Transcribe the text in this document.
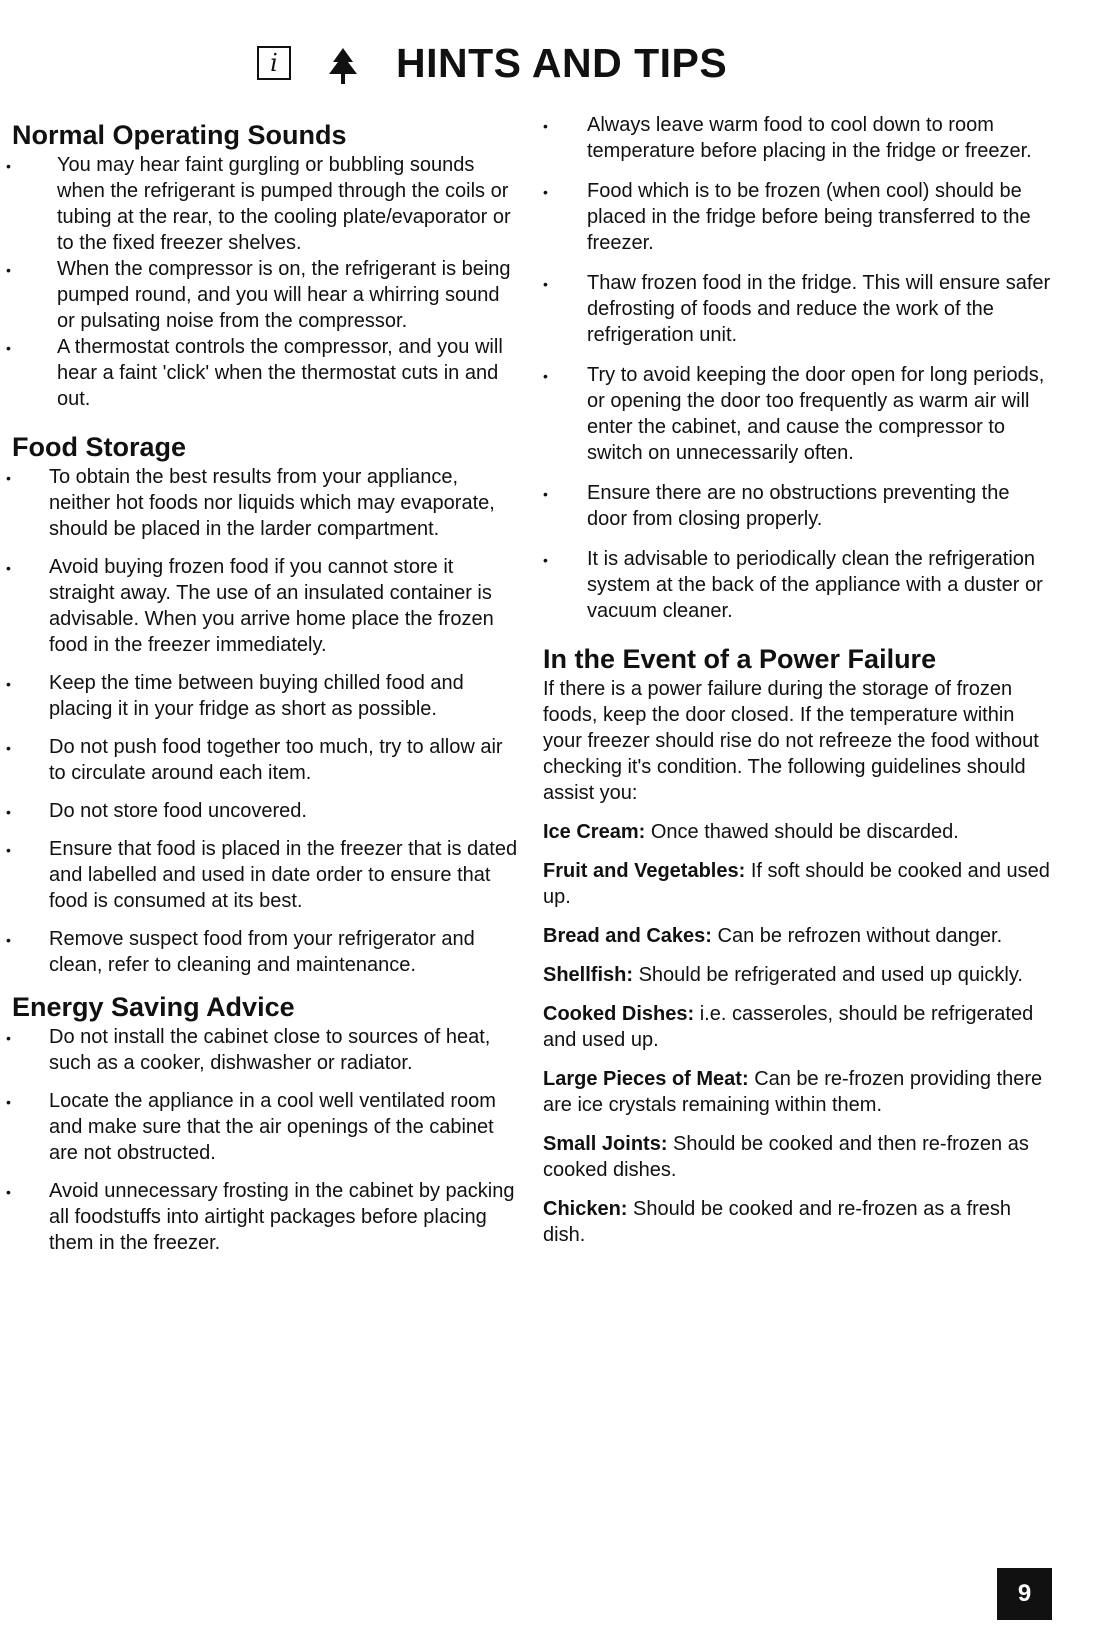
i	HINTS AND TIPS
Normal Operating Sounds
• You may hear faint gurgling or bubbling sounds when the refrigerant is pumped through the coils or tubing at the rear, to the cooling plate/evaporator or to the fixed freezer shelves.
• When the compressor is on, the refrigerant is being pumped round, and you will hear a whirring sound or pulsating noise from the compressor.
• A thermostat controls the compressor, and you will hear a faint 'click' when the thermostat cuts in and out.
Food Storage
• To obtain the best results from your appliance, neither hot foods nor liquids which may evaporate, should be placed in the larder compartment.
• Avoid buying frozen food if you cannot store it straight away. The use of an insulated container is advisable. When you arrive home place the frozen food in the freezer immediately.
• Keep the time between buying chilled food and placing it in your fridge as short as possible.
• Do not push food together too much, try to allow air to circulate around each item.
• Do not store food uncovered.
• Ensure that food is placed in the freezer that is dated and labelled and used in date order to ensure that food is consumed at its best.
• Remove suspect food from your refrigerator and clean, refer to cleaning and maintenance.
Energy Saving Advice
• Do not install the cabinet close to sources of heat, such as a cooker, dishwasher or radiator.
• Locate the appliance in a cool well ventilated room and make sure that the air openings of the cabinet are not obstructed.
• Avoid unnecessary frosting in the cabinet by packing all foodstuffs into airtight packages before placing them in the freezer.
• Always leave warm food to cool down to room temperature before placing in the fridge or freezer.
• Food which is to be frozen (when cool) should be placed in the fridge before being transferred to the freezer.
• Thaw frozen food in the fridge. This will ensure safer defrosting of foods and reduce the work of the refrigeration unit.
• Try to avoid keeping the door open for long periods, or opening the door too frequently as warm air will enter the cabinet, and cause the compressor to switch on unnecessarily often.
• Ensure there are no obstructions preventing the door from closing properly.
• It is advisable to periodically clean the refrigeration system at the back of the appliance with a duster or vacuum cleaner.
In the Event of a Power Failure

If there is a power failure during the storage of frozen foods, keep the door closed. If the temperature within your freezer should rise do not refreeze the food without checking it's condition. The following guidelines should assist you:

Ice Cream: Once thawed should be discarded.

Fruit and Vegetables: If soft should be cooked and used up.

Bread and Cakes: Can be refrozen without danger.

Shellfish: Should be refrigerated and used up quickly.

Cooked Dishes: i.e. casseroles, should be refrigerated and used up.

Large Pieces of Meat: Can be re-frozen providing there are ice crystals remaining within them.

Small Joints: Should be cooked and then re-frozen as cooked dishes.

Chicken: Should be cooked and re-frozen as a fresh dish.

9
